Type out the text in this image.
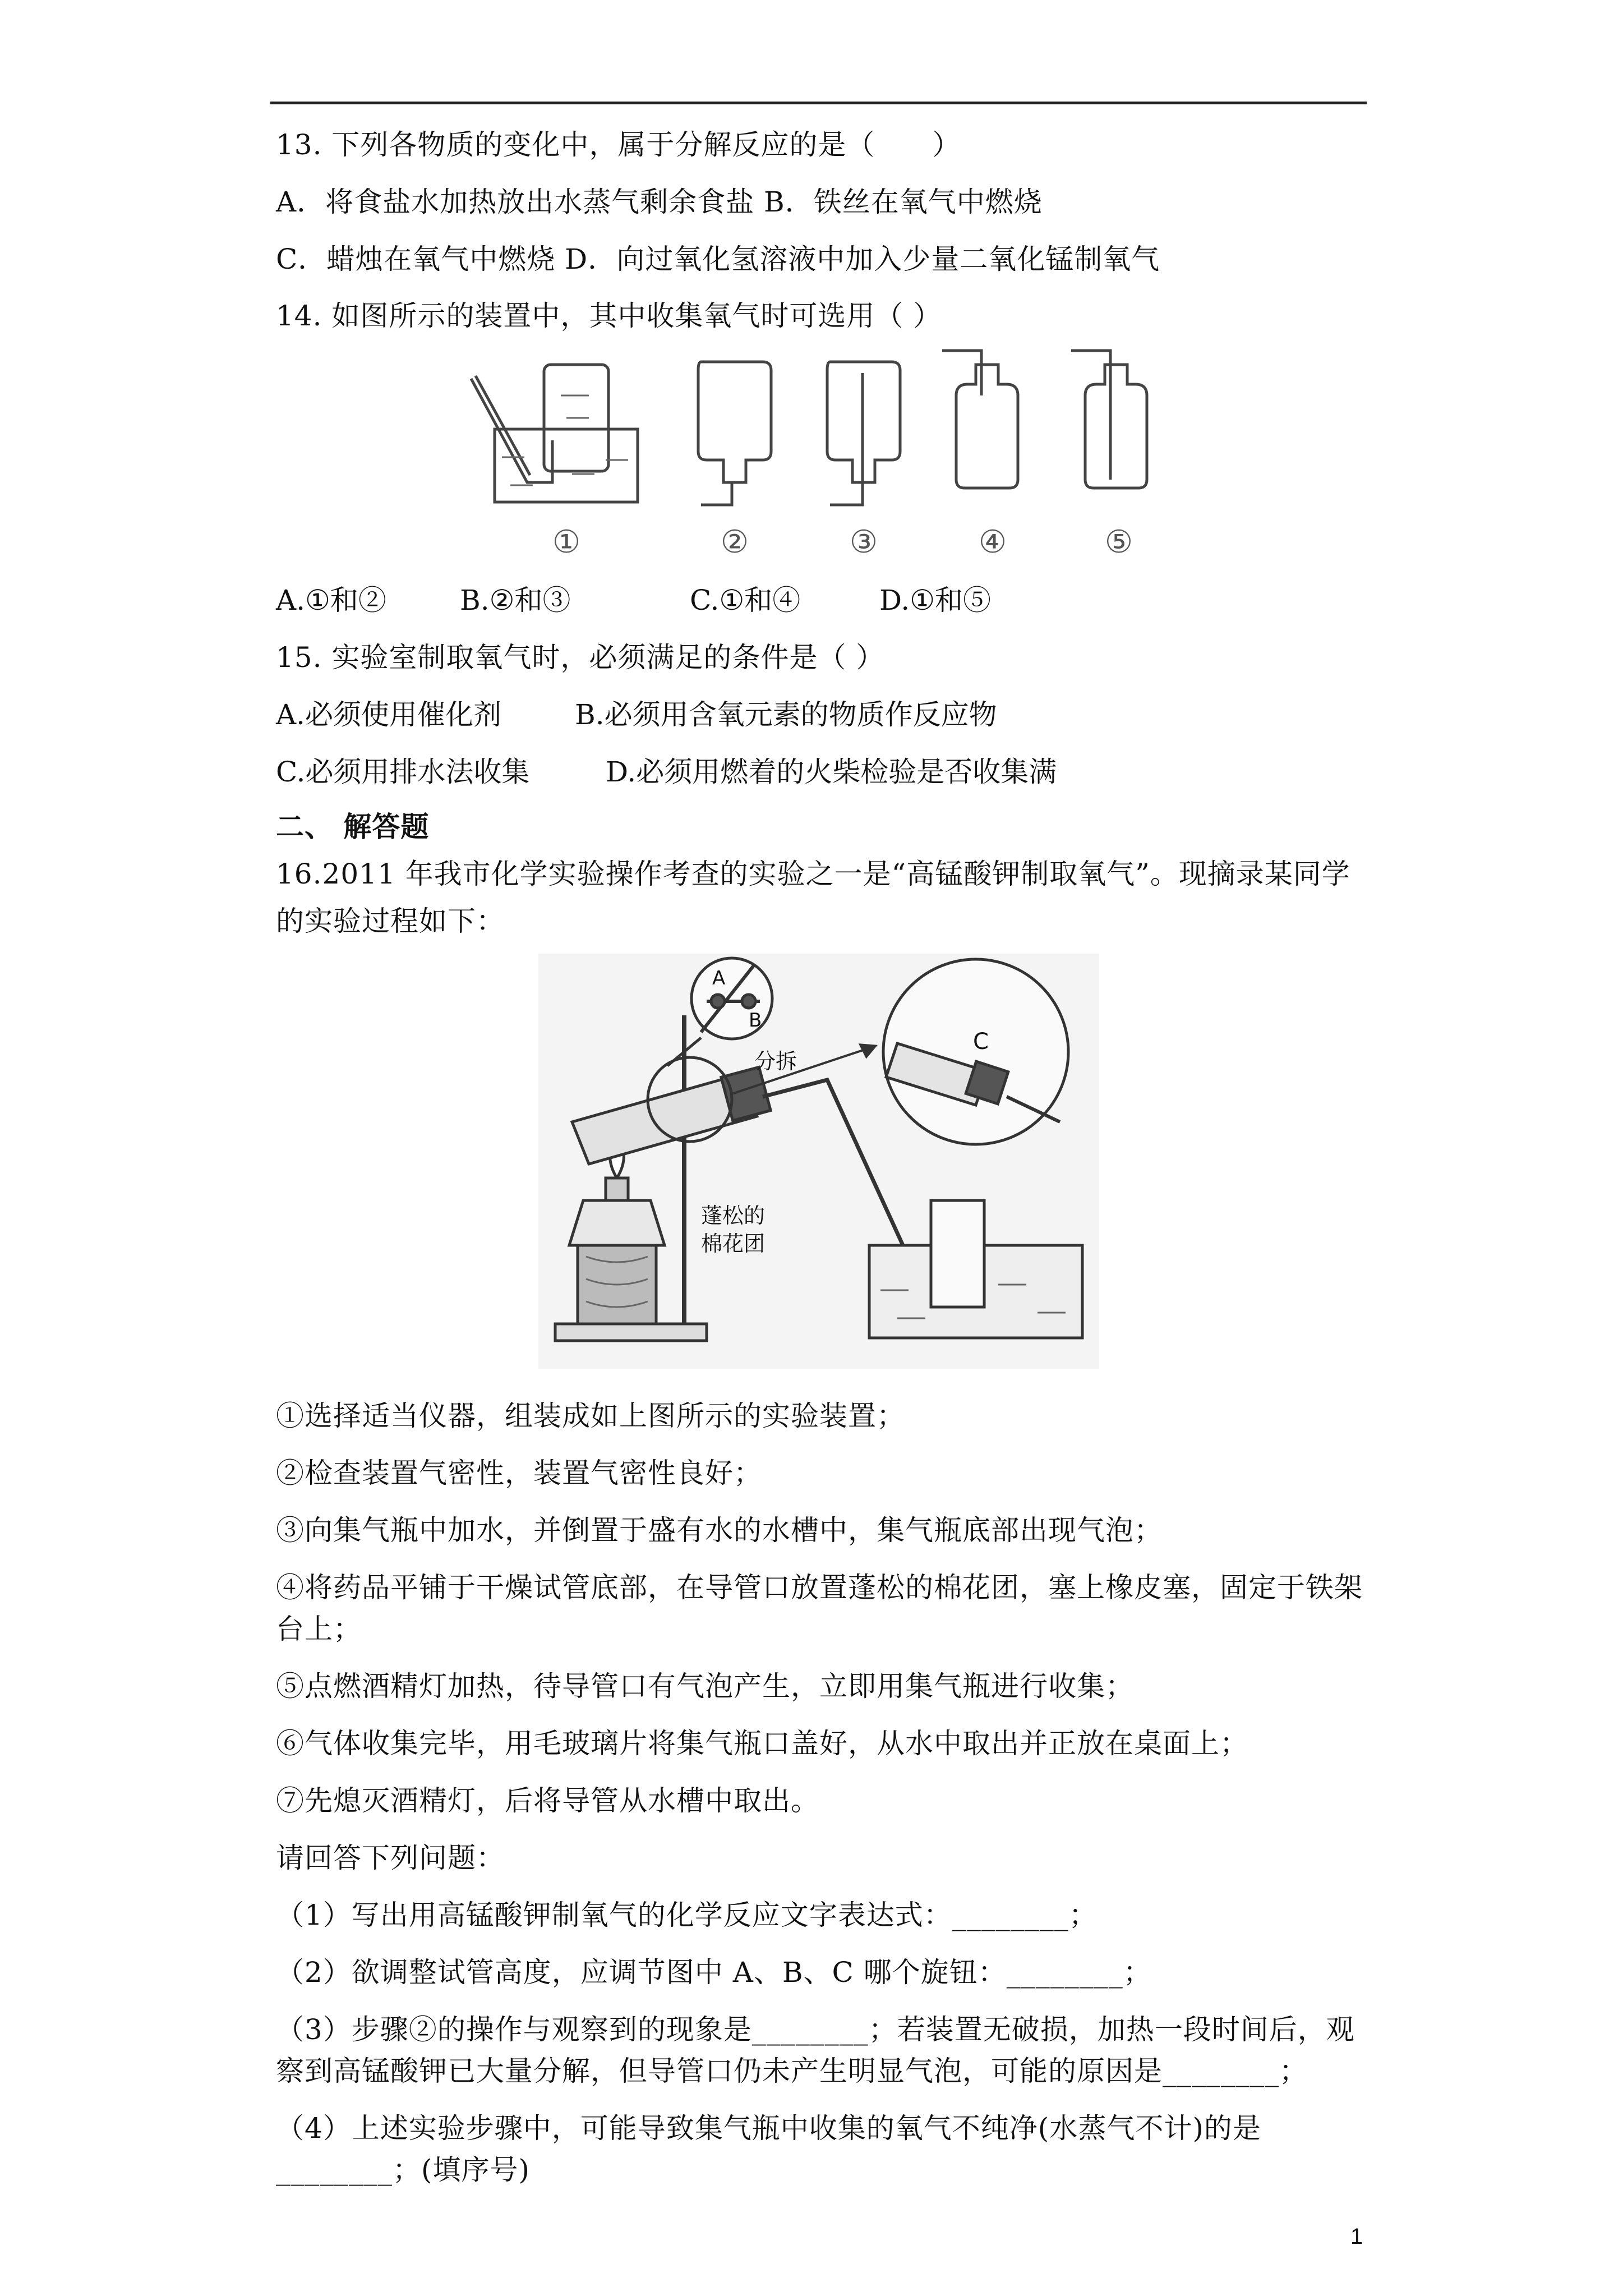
13. 下列各物质的变化中，属于分解反应的是（　　）
A．将食盐水加热放出水蒸气剩余食盐 B．铁丝在氧气中燃烧
C．蜡烛在氧气中燃烧 D．向过氧化氢溶液中加入少量二氧化锰制氧气
14. 如图所示的装置中，其中收集氧气时可选用（ ）
①	②	③	④	⑤
A.①和②	B.②和③	C.①和④	D.①和⑤
15. 实验室制取氧气时，必须满足的条件是（ ）
A.必须使用催化剂	B.必须用含氧元素的物质作反应物
C.必须用排水法收集	D.必须用燃着的火柴检验是否收集满
二、 解答题
16.2011 年我市化学实验操作考查的实验之一是“高锰酸钾制取氧气”。现摘录某同学
的实验过程如下：
A
B
C
分拆
蓬松的
棉花团
①选择适当仪器，组装成如上图所示的实验装置；
②检查装置气密性，装置气密性良好；
③向集气瓶中加水，并倒置于盛有水的水槽中，集气瓶底部出现气泡；
④将药品平铺于干燥试管底部，在导管口放置蓬松的棉花团，塞上橡皮塞，固定于铁架
台上；
⑤点燃酒精灯加热，待导管口有气泡产生，立即用集气瓶进行收集；
⑥气体收集完毕，用毛玻璃片将集气瓶口盖好，从水中取出并正放在桌面上；
⑦先熄灭酒精灯，后将导管从水槽中取出。
请回答下列问题：
（1）写出用高锰酸钾制氧气的化学反应文字表达式：________；
（2）欲调整试管高度，应调节图中 A、B、C 哪个旋钮：________；
（3）步骤②的操作与观察到的现象是________；若装置无破损，加热一段时间后，观
察到高锰酸钾已大量分解，但导管口仍未产生明显气泡，可能的原因是________；
（4）上述实验步骤中，可能导致集气瓶中收集的氧气不纯净(水蒸气不计)的是
________；(填序号)
1
